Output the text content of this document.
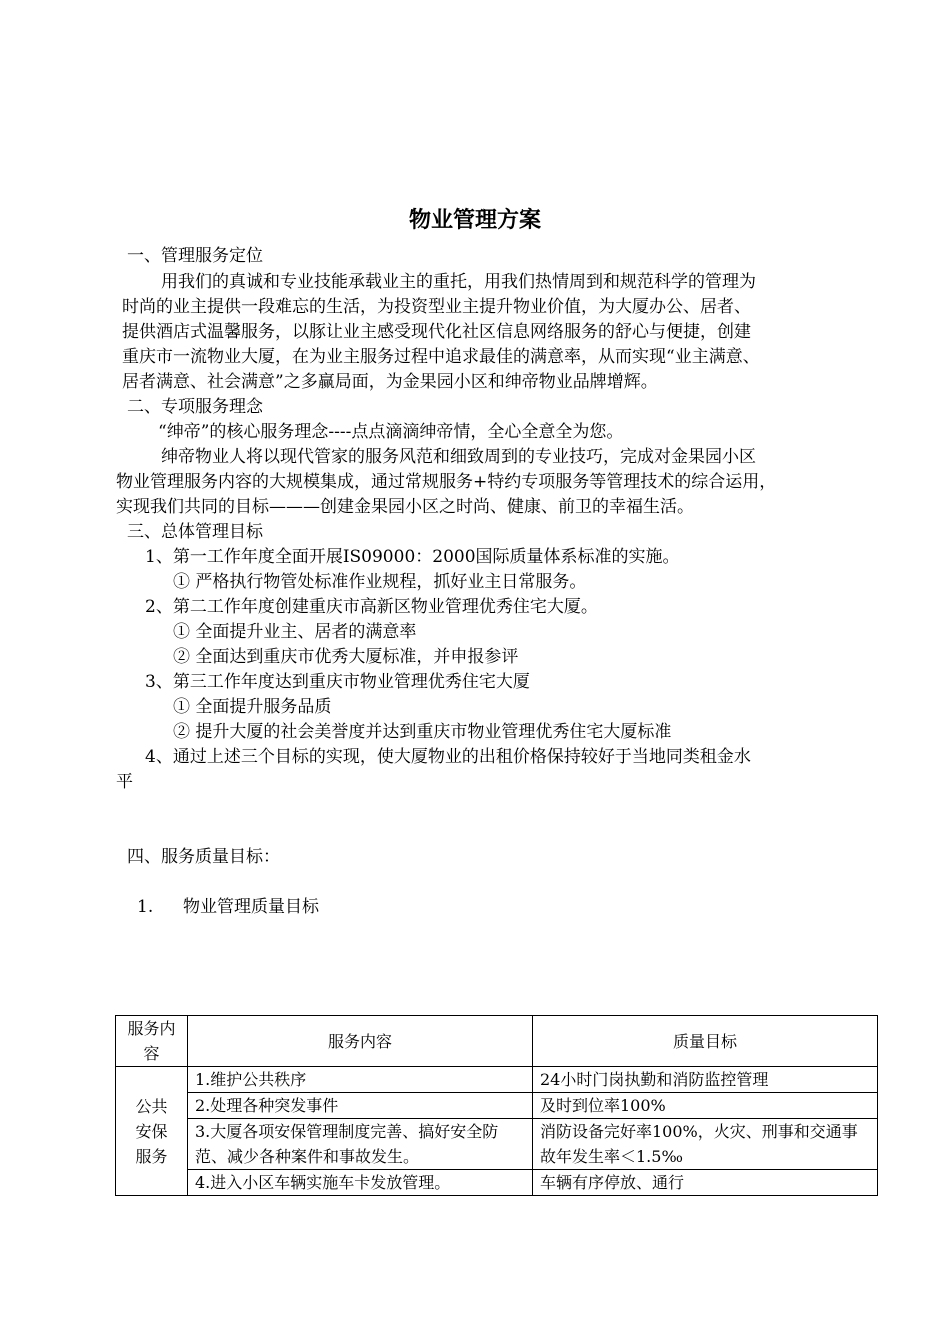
物业管理方案
一、管理服务定位
用我们的真诚和专业技能承载业主的重托，用我们热情周到和规范科学的管理为
时尚的业主提供一段难忘的生活，为投资型业主提升物业价值，为大厦办公、居者、
提供酒店式温馨服务，以豚让业主感受现代化社区信息网络服务的舒心与便捷，创建
重庆市一流物业大厦，在为业主服务过程中追求最佳的满意率，从而实现“业主满意、
居者满意、社会满意”之多赢局面，为金果园小区和绅帝物业品牌增辉。
二、专项服务理念
“绅帝”的核心服务理念----点点滴滴绅帝情，全心全意全为您。
绅帝物业人将以现代管家的服务风范和细致周到的专业技巧，完成对金果园小区
物业管理服务内容的大规模集成，通过常规服务+特约专项服务等管理技术的综合运用，
实现我们共同的目标———创建金果园小区之时尚、健康、前卫的幸福生活。
三、总体管理目标
1、第一工作年度全面开展IS09000：2000国际质量体系标准的实施。
① 严格执行物管处标准作业规程，抓好业主日常服务。
2、第二工作年度创建重庆市高新区物业管理优秀住宅大厦。
① 全面提升业主、居者的满意率
② 全面达到重庆市优秀大厦标准，并申报参评
3、第三工作年度达到重庆市物业管理优秀住宅大厦
① 全面提升服务品质
② 提升大厦的社会美誉度并达到重庆市物业管理优秀住宅大厦标准
4、通过上述三个目标的实现，使大厦物业的出租价格保持较好于当地同类租金水
平
四、服务质量目标：
1. 物业管理质量目标
服务内容	服务内容	质量目标
公共安保服务	1.维护公共秩序	24小时门岗执勤和消防监控管理
	2.处理各种突发事件	及时到位率100%
	3.大厦各项安保管理制度完善、搞好安全防范、减少各种案件和事故发生。	消防设备完好率100%，火灾、刑事和交通事故年发生率＜1.5‰
	4.进入小区车辆实施车卡发放管理。	车辆有序停放、通行
